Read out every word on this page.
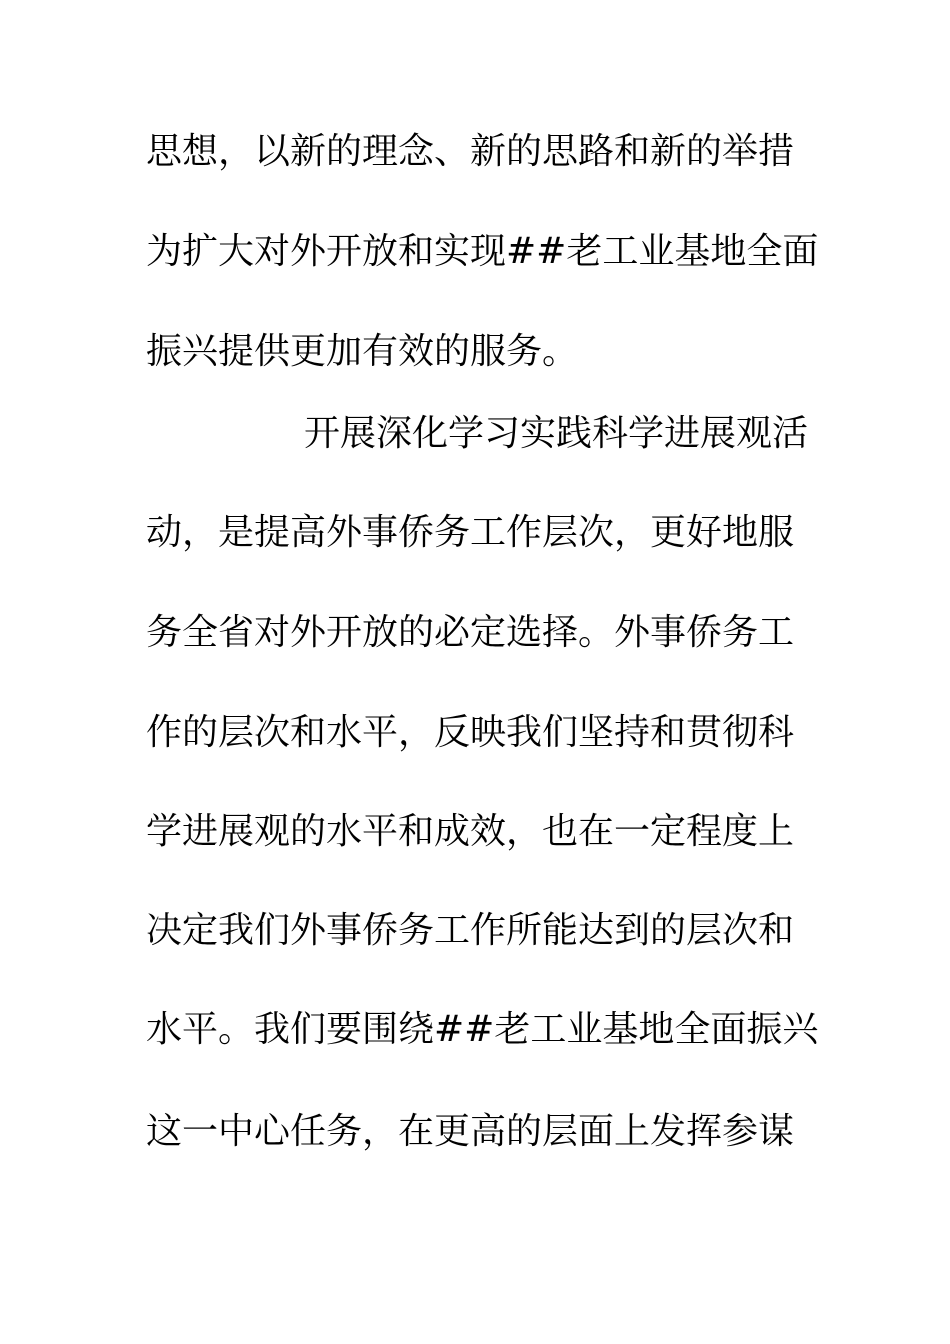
思想，以新的理念、新的思路和新的举措
为扩大对外开放和实现##老工业基地全面
振兴提供更加有效的服务。
开展深化学习实践科学进展观活
动，是提高外事侨务工作层次，更好地服
务全省对外开放的必定选择。外事侨务工
作的层次和水平，反映我们坚持和贯彻科
学进展观的水平和成效，也在一定程度上
决定我们外事侨务工作所能达到的层次和
水平。我们要围绕##老工业基地全面振兴
这一中心任务，在更高的层面上发挥参谋
